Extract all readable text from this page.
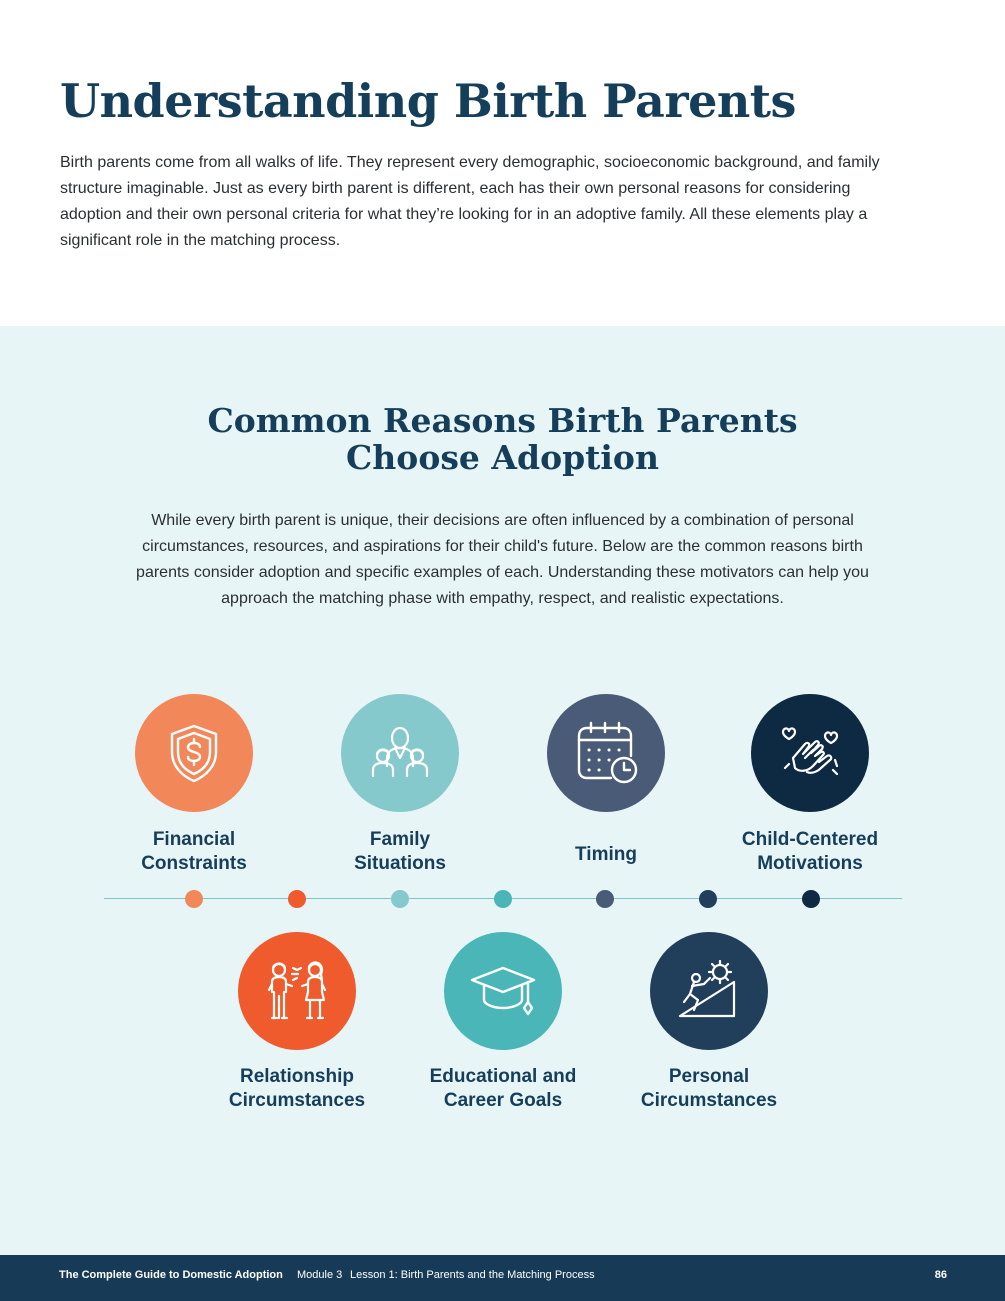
Understanding Birth Parents

Birth parents come from all walks of life. They represent every demographic, socioeconomic background, and family structure imaginable. Just as every birth parent is different, each has their own personal reasons for considering adoption and their own personal criteria for what they’re looking for in an adoptive family. All these elements play a significant role in the matching process.

Common Reasons Birth Parents
Choose Adoption

While every birth parent is unique, their decisions are often influenced by a combination of personal circumstances, resources, and aspirations for their child's future. Below are the common reasons birth parents consider adoption and specific examples of each. Understanding these motivators can help you approach the matching phase with empathy, respect, and realistic expectations.

Financial
Constraints
Family
Situations	Timing
Child-Centered
Motivations
Relationship
Circumstances
Educational and
Career Goals
Personal
Circumstances
The Complete Guide to Domestic Adoption Module 3 Lesson 1: Birth Parents and the Matching Process	86
